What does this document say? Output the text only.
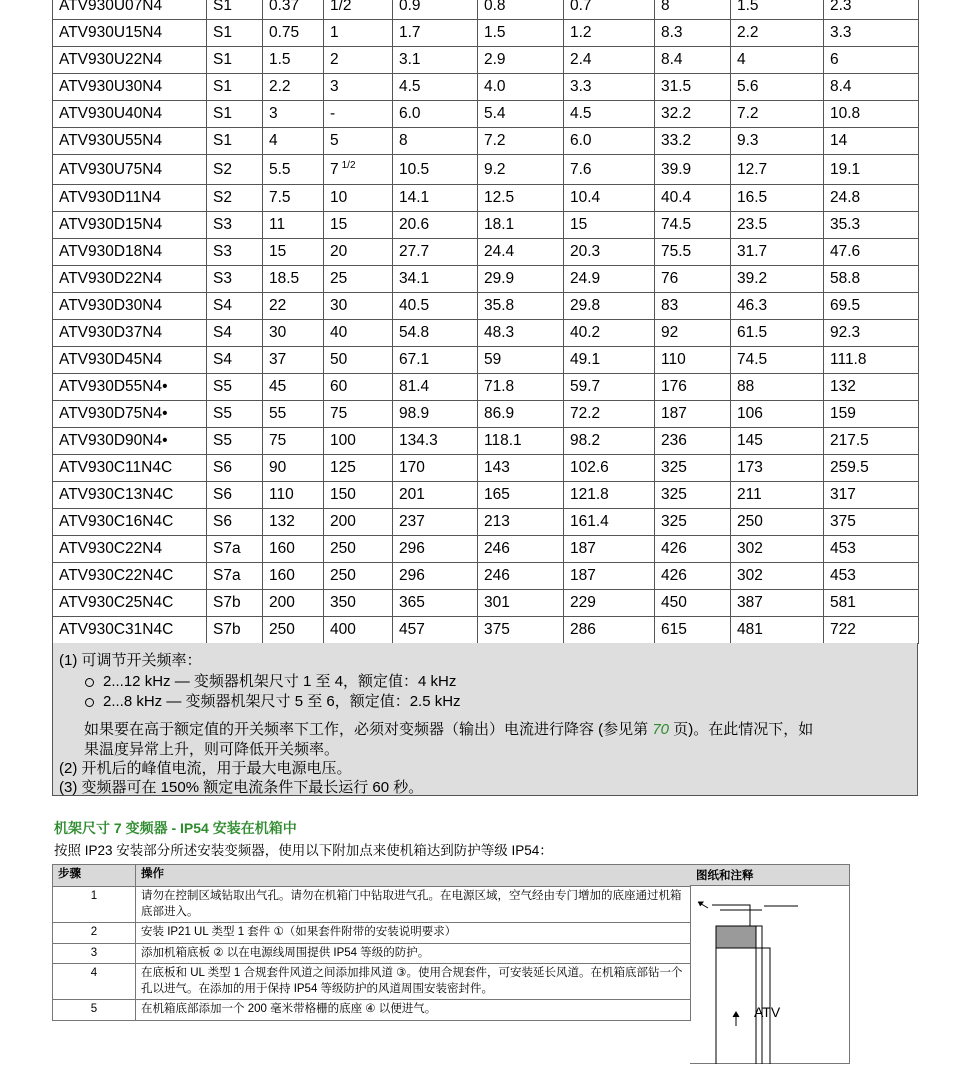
ATV930U07N4	S1	0.37	1/2	0.9	0.8	0.7	8	1.5	2.3
ATV930U15N4	S1	0.75	1	1.7	1.5	1.2	8.3	2.2	3.3
ATV930U22N4	S1	1.5	2	3.1	2.9	2.4	8.4	4	6
ATV930U30N4	S1	2.2	3	4.5	4.0	3.3	31.5	5.6	8.4
ATV930U40N4	S1	3	-	6.0	5.4	4.5	32.2	7.2	10.8
ATV930U55N4	S1	4	5	8	7.2	6.0	33.2	9.3	14
ATV930U75N4	S2	5.5	7 $^{1/2}$	10.5	9.2	7.6	39.9	12.7	19.1
ATV930D11N4	S2	7.5	10	14.1	12.5	10.4	40.4	16.5	24.8
ATV930D15N4	S3	11	15	20.6	18.1	15	74.5	23.5	35.3
ATV930D18N4	S3	15	20	27.7	24.4	20.3	75.5	31.7	47.6
ATV930D22N4	S3	18.5	25	34.1	29.9	24.9	76	39.2	58.8
ATV930D30N4	S4	22	30	40.5	35.8	29.8	83	46.3	69.5
ATV930D37N4	S4	30	40	54.8	48.3	40.2	92	61.5	92.3
ATV930D45N4	S4	37	50	67.1	59	49.1	110	74.5	111.8
ATV930D55N4•	S5	45	60	81.4	71.8	59.7	176	88	132
ATV930D75N4•	S5	55	75	98.9	86.9	72.2	187	106	159
ATV930D90N4•	S5	75	100	134.3	118.1	98.2	236	145	217.5
ATV930C11N4C	S6	90	125	170	143	102.6	325	173	259.5
ATV930C13N4C	S6	110	150	201	165	121.8	325	211	317
ATV930C16N4C	S6	132	200	237	213	161.4	325	250	375
ATV930C22N4	S7a	160	250	296	246	187	426	302	453
ATV930C22N4C	S7a	160	250	296	246	187	426	302	453
ATV930C25N4C	S7b	200	350	365	301	229	450	387	581
ATV930C31N4C	S7b	250	400	457	375	286	615	481	722
(1) 可调节开关频率：
2...12 kHz — 变频器机架尺寸 1 至 4，额定值：4 kHz
2...8 kHz — 变频器机架尺寸 5 至 6，额定值：2.5 kHz
如果要在高于额定值的开关频率下工作，必须对变频器（输出）电流进行降容 (参见第 70 页)。在此情况下，如
果温度异常上升，则可降低开关频率。
(2) 开机后的峰值电流，用于最大电源电压。
(3) 变频器可在 150% 额定电流条件下最长运行 60 秒。
机架尺寸 7 变频器 - IP54 安装在机箱中
按照 IP23 安装部分所述安装变频器，使用以下附加点来使机箱达到防护等级 IP54：
步骤	操作
1	请勿在控制区域钻取出气孔。请勿在机箱门中钻取进气孔。在电源区域，空气经由专门增加的底座通过机箱底部进入。
2	安装 IP21 UL 类型 1 套件 ①（如果套件附带的安装说明要求）
3	添加机箱底板 ② 以在电源线周围提供 IP54 等级的防护。
4	在底板和 UL 类型 1 合规套件风道之间添加排风道 ③。使用合规套件，可安装延长风道。在机箱底部钻一个孔以进气。在添加的用于保持 IP54 等级防护的风道周围安装密封件。
5	在机箱底部添加一个 200 毫米带格栅的底座 ④ 以便进气。
图纸和注释
ATV
